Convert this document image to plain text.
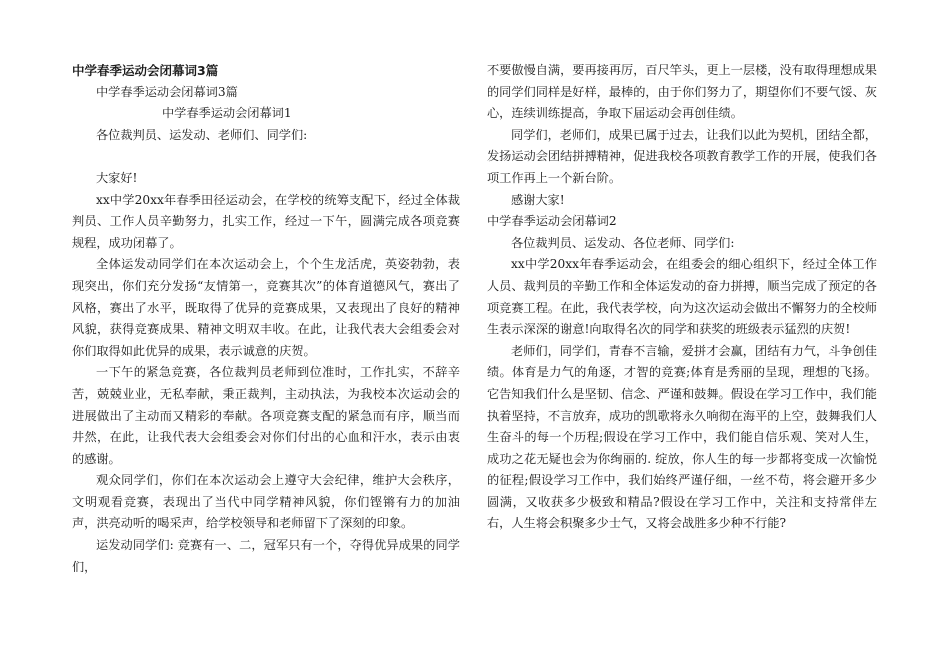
中学春季运动会闭幕词3篇

中学春季运动会闭幕词3篇

中学春季运动会闭幕词1

各位裁判员、运发动、老师们、同学们:

大家好!

xx中学20xx年春季田径运动会，在学校的统筹支配下，经过全体裁判员、工作人员辛勤努力，扎实工作，经过一下午，圆满完成各项竞赛规程，成功闭幕了。

全体运发动同学们在本次运动会上，个个生龙活虎，英姿勃勃，表现突出，你们充分发扬“友情第一，竞赛其次”的体育道德风气，赛出了风格，赛出了水平，既取得了优异的竞赛成果，又表现出了良好的精神风貌，获得竞赛成果、精神文明双丰收。在此，让我代表大会组委会对你们取得如此优异的成果，表示诚意的庆贺。

一下午的紧急竞赛，各位裁判员老师到位准时，工作扎实，不辞辛苦，兢兢业业，无私奉献，秉正裁判，主动执法，为我校本次运动会的进展做出了主动而又精彩的奉献。各项竞赛支配的紧急而有序，顺当而井然，在此，让我代表大会组委会对你们付出的心血和汗水，表示由衷的感谢。

观众同学们，你们在本次运动会上遵守大会纪律，维护大会秩序，文明观看竞赛，表现出了当代中同学精神风貌，你们铿锵有力的加油声，洪亮动听的喝采声，给学校领导和老师留下了深刻的印象。

运发动同学们: 竞赛有一、二，冠军只有一个，夺得优异成果的同学们，

不要傲慢自满，要再接再厉，百尺竿头，更上一层楼，没有取得理想成果的同学们同样是好样，最棒的，由于你们努力了，期望你们不要气馁、灰心，连续训练提高，争取下届运动会再创佳绩。

同学们，老师们，成果已属于过去，让我们以此为契机，团结全都，发扬运动会团结拼搏精神，促进我校各项教育教学工作的开展，使我们各项工作再上一个新台阶。

感谢大家!

中学春季运动会闭幕词2

各位裁判员、运发动、各位老师、同学们:

xx中学20xx年春季运动会，在组委会的细心组织下，经过全体工作人员、裁判员的辛勤工作和全体运发动的奋力拼搏，顺当完成了预定的各项竞赛工程。在此，我代表学校，向为这次运动会做出不懈努力的全校师生表示深深的谢意!向取得名次的同学和获奖的班级表示猛烈的庆贺!

老师们，同学们，青春不言输，爱拼才会赢，团结有力气，斗争创佳绩。体育是力气的角逐，才智的竞赛;体育是秀丽的呈现，理想的飞扬。它告知我们什么是坚韧、信念、严谨和鼓舞。假设在学习工作中，我们能执着坚持，不言放弃，成功的凯歌将永久响彻在海平的上空，鼓舞我们人生奋斗的每一个历程;假设在学习工作中，我们能自信乐观、笑对人生，成功之花无疑也会为你绚丽的. 绽放，你人生的每一步都将变成一次愉悦的征程;假设学习工作中，我们始终严谨仔细，一丝不苟，将会避开多少圆满，又收获多少极致和精品?假设在学习工作中，关注和支持常伴左右，人生将会积聚多少士气，又将会战胜多少种不行能?
